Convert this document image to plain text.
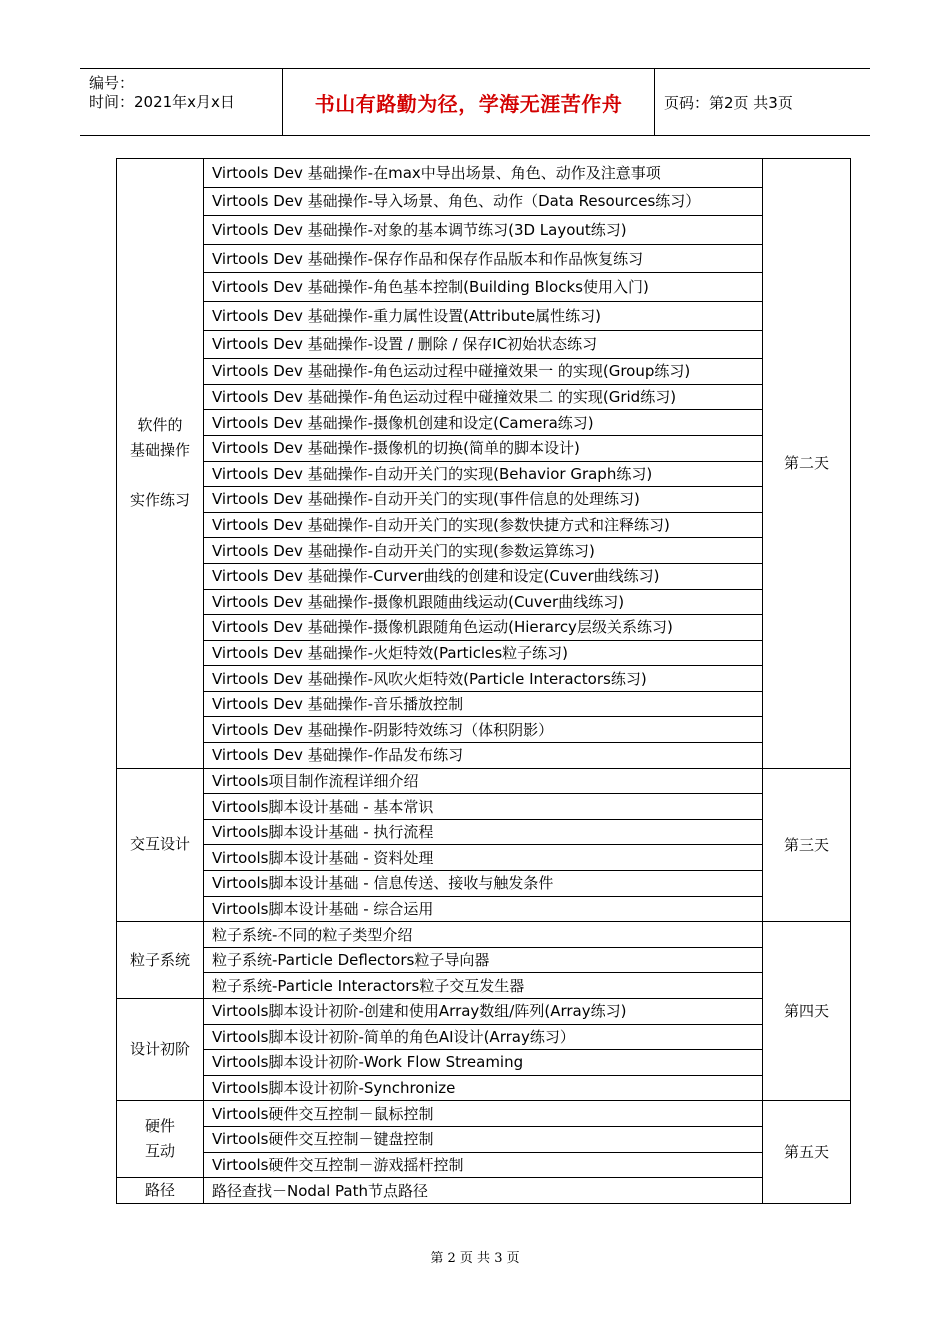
编号：
时间：2021年x月x日	书山有路勤为径，学海无涯苦作舟	页码：第2页 共3页
软件的
基础操作
实作练习	Virtools Dev 基础操作-在max中导出场景、角色、动作及注意事项	第二天
	Virtools Dev 基础操作-导入场景、角色、动作（Data Resources练习）	
	Virtools Dev 基础操作-对象的基本调节练习(3D Layout练习)	
	Virtools Dev 基础操作-保存作品和保存作品版本和作品恢复练习	
	Virtools Dev 基础操作-角色基本控制(Building Blocks使用入门)	
	Virtools Dev 基础操作-重力属性设置(Attribute属性练习)	
	Virtools Dev 基础操作-设置 / 删除 / 保存IC初始状态练习	
	Virtools Dev 基础操作-角色运动过程中碰撞效果一 的实现(Group练习)	
	Virtools Dev 基础操作-角色运动过程中碰撞效果二 的实现(Grid练习)	
	Virtools Dev 基础操作-摄像机创建和设定(Camera练习)	
	Virtools Dev 基础操作-摄像机的切换(简单的脚本设计)	
	Virtools Dev 基础操作-自动开关门的实现(Behavior Graph练习)	
	Virtools Dev 基础操作-自动开关门的实现(事件信息的处理练习)	
	Virtools Dev 基础操作-自动开关门的实现(参数快捷方式和注释练习)	
	Virtools Dev 基础操作-自动开关门的实现(参数运算练习)	
	Virtools Dev 基础操作-Curver曲线的创建和设定(Cuver曲线练习)	
	Virtools Dev 基础操作-摄像机跟随曲线运动(Cuver曲线练习)	
	Virtools Dev 基础操作-摄像机跟随角色运动(Hierarcy层级关系练习)	
	Virtools Dev 基础操作-火炬特效(Particles粒子练习)	
	Virtools Dev 基础操作-风吹火炬特效(Particle Interactors练习)	
	Virtools Dev 基础操作-音乐播放控制	
	Virtools Dev 基础操作-阴影特效练习（体积阴影）	
	Virtools Dev 基础操作-作品发布练习	
交互设计	Virtools项目制作流程详细介绍	第三天
	Virtools脚本设计基础 - 基本常识	
	Virtools脚本设计基础 - 执行流程	
	Virtools脚本设计基础 - 资料处理	
	Virtools脚本设计基础 - 信息传送、接收与触发条件	
	Virtools脚本设计基础 - 综合运用	
粒子系统	粒子系统-不同的粒子类型介绍	第四天
	粒子系统-Particle Deflectors粒子导向器	
	粒子系统-Particle Interactors粒子交互发生器	
设计初阶	Virtools脚本设计初阶-创建和使用Array数组/阵列(Array练习)	
	Virtools脚本设计初阶-简单的角色AI设计(Array练习）	
	Virtools脚本设计初阶-Work Flow Streaming	
	Virtools脚本设计初阶-Synchronize	

硬件
互动	Virtools硬件交互控制－鼠标控制	第五天
	Virtools硬件交互控制－键盘控制	
	Virtools硬件交互控制－游戏摇杆控制	
路径	路径查找－Nodal Path节点路径	
第 2 页 共 3 页
